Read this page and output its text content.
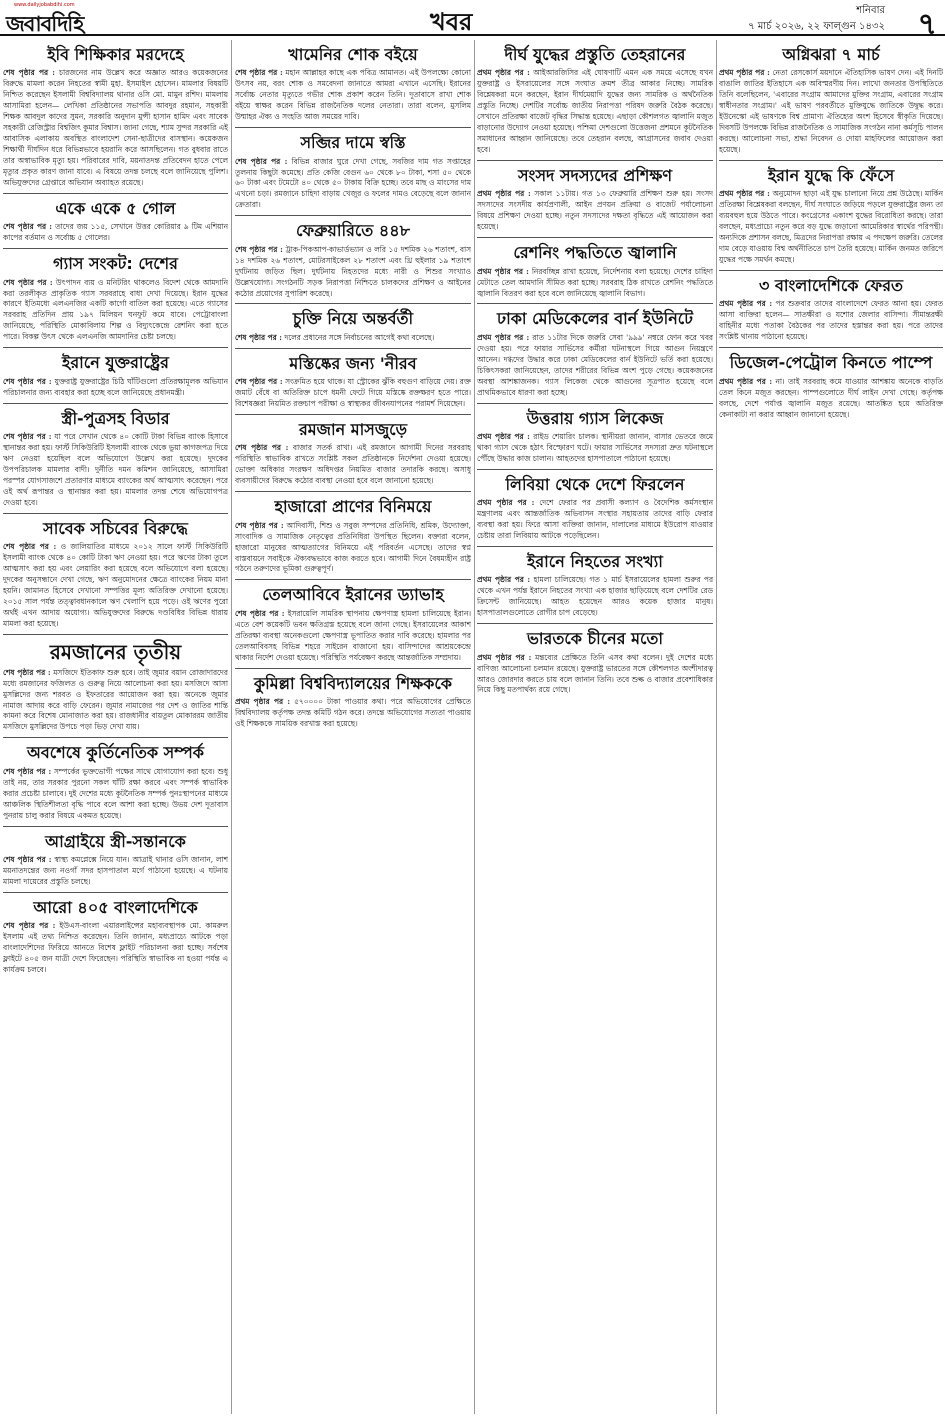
www.dailyjobabdihi.com
জবাবদিহি	খবর	শনিবার
৭ মার্চ ২০২৬, ২২ ফাল্গুন ১৪৩২ ৭
ইবি শিক্ষিকার মরদেহে
শেষ পৃষ্ঠার পর : চারজনের নাম উল্লেখ করে অজ্ঞাত আরও কয়েকজনের বিরুদ্ধে মামলা করেন নিহতের স্বামী মুহা. ইসমাইল হোসেন। মামলার বিষয়টি নিশ্চিত করেছেন ইসলামী বিশ্ববিদ্যালয় থানার ওসি মো. মামুন রশিদ। মামলায় আসামিরা হলেন— লেখিকা প্রতিষ্ঠানের সভাপতি আবদুর রহমান, সহকারী শিক্ষক আবদুল কাদের সুমন, সরকারি অনুদান মুন্সী হাসান হামিদ এবং সাবেক সহকারী রেজিস্ট্রার বিশ্বজিৎ কুমার বিশ্বাস। জানা গেছে, শ্যাম সুন্দর সরকারি এই আবাসিক এলাকায় অবস্থিত বাংলাদেশ সেনা-ছাত্রীদের বাসস্থান। কয়েকজন শিক্ষার্থী দীর্ঘদিন ধরে বিভিন্নভাবে হয়রানি করে আসছিলেন। গত বুধবার রাতে তার অস্বাভাবিক মৃত্যু হয়। পরিবারের দাবি, ময়নাতদন্ত প্রতিবেদন হাতে পেলে মৃত্যুর প্রকৃত কারণ জানা যাবে। এ বিষয়ে তদন্ত চলছে বলে জানিয়েছে পুলিশ। অভিযুক্তদের গ্রেপ্তারে অভিযান অব্যাহত রয়েছে।
একে একে ৫ গোল
শেষ পৃষ্ঠার পর : তাদের জয় ১১৫, সেখানে উত্তর কোরিয়ার ৯ টিম এশিয়ান কাপের বর্তমান ও সর্বোচ্চ ৫ গোলের।
গ্যাস সংকট: দেশের
শেষ পৃষ্ঠার পর : উৎপাদন ব্যয় ও মনিটরিং থাকলেও বিদেশ থেকে আমদানি করা তরলীকৃত প্রাকৃতিক গ্যাস সরবরাহে বাধা দেখা দিয়েছে। ইরান যুদ্ধের কারণে ইতিমধ্যে এলএনজির একটি কার্গো বাতিল করা হয়েছে। এতে গ্যাসের সরবরাহ প্রতিদিন প্রায় ১৯৭ মিলিয়ন ঘনফুট কমে যাবে। পেট্রোবাংলা জানিয়েছে, পরিস্থিতি মোকাবিলায় শিল্প ও বিদ্যুৎকেন্দ্রে রেশনিং করা হতে পারে। বিকল্প উৎস থেকে এলএনজি আমদানির চেষ্টা চলছে।
ইরানে যুক্তরাষ্ট্রের
শেষ পৃষ্ঠার পর : যুক্তরাষ্ট্র যুক্তরাষ্ট্রের চিঠি ঘাঁটিগুলো প্রতিরক্ষামূলক অভিযান পরিচালনার জন্য ব্যবহার করা হচ্ছে বলে জানিয়েছে প্রধানমন্ত্রী।
স্ত্রী-পুত্রসহ বিডার
শেষ পৃষ্ঠার পর : যা পরে সেখান থেকে ৪০ কোটি টাকা বিভিন্ন ব্যাংক হিসাবে স্থানান্তর করা হয়। ফার্স্ট সিকিউরিটি ইসলামী ব্যাংক থেকে ভুয়া কাগজপত্র দিয়ে ঋণ নেওয়া হয়েছিল বলে অভিযোগে উল্লেখ করা হয়েছে। দুদকের উপপরিচালক মামলার বাদী। দুর্নীতি দমন কমিশন জানিয়েছে, আসামিরা পরস্পর যোগসাজশে প্রতারণার মাধ্যমে ব্যাংকের অর্থ আত্মসাৎ করেছেন। পরে ওই অর্থ রূপান্তর ও স্থানান্তর করা হয়। মামলার তদন্ত শেষে অভিযোগপত্র দেওয়া হবে।
সাবেক সচিবের বিরুদ্ধে
শেষ পৃষ্ঠার পর : ও জালিয়াতির মাধ্যমে ২০১২ সালে ফার্স্ট সিকিউরিটি ইসলামী ব্যাংক থেকে ৪০ কোটি টাকা ঋণ নেওয়া হয়। পরে ঋণের টাকা তুলে আত্মসাৎ করা হয় এবং লেয়ারিং করা হয়েছে বলে অভিযোগে বলা হয়েছে। দুদকের অনুসন্ধানে দেখা গেছে, ঋণ অনুমোদনের ক্ষেত্রে ব্যাংকের নিয়ম মানা হয়নি। জামানত হিসেবে দেখানো সম্পত্তির মূল্য অতিরিক্ত দেখানো হয়েছে। ২০১৫ সাল পর্যন্ত তত্ত্বাবধানকালে ঋণ খেলাপি হয়ে পড়ে। ওই ঋণের পুরো অর্থই এখন আদায় অযোগ্য। অভিযুক্তদের বিরুদ্ধে দণ্ডবিধির বিভিন্ন ধারায় মামলা করা হয়েছে।
রমজানের তৃতীয়
শেষ পৃষ্ঠার পর : মসজিদে ইতিকাফ শুরু হবে। তাই জুমার বয়ান রোজাদারদের মধ্যে রমজানের ফজিলত ও গুরুত্ব নিয়ে আলোচনা করা হয়। মসজিদে আসা মুসল্লিদের জন্য শরবত ও ইফতারের আয়োজন করা হয়। অনেকে জুমার নামাজ আদায় করে বাড়ি ফেরেন। জুমার নামাজের পর দেশ ও জাতির শান্তি কামনা করে বিশেষ মোনাজাত করা হয়। রাজধানীর বায়তুল মোকাররম জাতীয় মসজিদে মুসল্লিদের উপচে পড়া ভিড় দেখা যায়।
অবশেষে কুর্তিনেতিক সম্পর্ক
শেষ পৃষ্ঠার পর : সম্পর্কের ভুক্তভোগী পক্ষের সাথে যোগাযোগ করা হবে। শুধু তাই নয়, তার সরকার পুরনো সকল ঘাঁটি রক্ষা করবে এবং সম্পর্ক স্বাভাবিক করার প্রচেষ্টা চালাবে। দুই দেশের মধ্যে কূটনৈতিক সম্পর্ক পুনঃস্থাপনের মাধ্যমে আঞ্চলিক স্থিতিশীলতা বৃদ্ধি পাবে বলে আশা করা হচ্ছে। উভয় দেশ দূতাবাস পুনরায় চালু করার বিষয়ে একমত হয়েছে।
আগ্রাইয়ে স্ত্রী-সন্তানকে
শেষ পৃষ্ঠার পর : স্বাস্থ্য কমপ্লেক্সে নিয়ে যান। আত্রাই থানার ওসি জানান, লাশ ময়নাতদন্তের জন্য নওগাঁ সদর হাসপাতাল মর্গে পাঠানো হয়েছে। এ ঘটনায় মামলা দায়েরের প্রস্তুতি চলছে।
আরো ৪০৫ বাংলাদেশিকে
শেষ পৃষ্ঠার পর : ইউএস-বাংলা এয়ারলাইন্সের মহাব্যবস্থাপক মো. কামরুল ইসলাম এই তথ্য নিশ্চিত করেছেন। তিনি জানান, মধ্যপ্রাচ্যে আটকে পড়া বাংলাদেশিদের ফিরিয়ে আনতে বিশেষ ফ্লাইট পরিচালনা করা হচ্ছে। সর্বশেষ ফ্লাইটে ৪০৫ জন যাত্রী দেশে ফিরেছেন। পরিস্থিতি স্বাভাবিক না হওয়া পর্যন্ত এ কার্যক্রম চলবে।
খামেনির শোক বইয়ে
শেষ পৃষ্ঠার পর : মহান আল্লাহর কাছে এক পবিত্র আমানত। এই উপলক্ষ্যে কোনো উৎসব নয়, বরং শোক ও সমবেদনা জানাতে আমরা এখানে এসেছি। ইরানের সর্বোচ্চ নেতার মৃত্যুতে গভীর শোক প্রকাশ করেন তিনি। দূতাবাসে রাখা শোক বইয়ে স্বাক্ষর করেন বিভিন্ন রাজনৈতিক দলের নেতারা। তারা বলেন, মুসলিম উম্মাহর ঐক্য ও সংহতি আজ সময়ের দাবি।
সব্জির দামে স্বস্তি
শেষ পৃষ্ঠার পর : বিভিন্ন বাজার ঘুরে দেখা গেছে, সবজির দাম গত সপ্তাহের তুলনায় কিছুটা কমেছে। প্রতি কেজি বেগুন ৬০ থেকে ৮০ টাকা, শসা ৫০ থেকে ৬০ টাকা এবং টমেটো ৪০ থেকে ৫০ টাকায় বিক্রি হচ্ছে। তবে মাছ ও মাংসের দাম এখনো চড়া। রমজানে চাহিদা বাড়ায় খেজুর ও ফলের দামও বেড়েছে বলে জানান ক্রেতারা।
ফেব্রুয়ারিতে ৪৪৮
শেষ পৃষ্ঠার পর : ট্রাক-পিকআপ-কাভার্ডভ্যান ও লরি ১৫ দশমিক ২৬ শতাংশ, বাস ১৪ দশমিক ২৬ শতাংশ, মোটরসাইকেল ২৮ শতাংশ এবং থ্রি হুইলার ১৯ শতাংশ দুর্ঘটনায় জড়িত ছিল। দুর্ঘটনায় নিহতদের মধ্যে নারী ও শিশুর সংখ্যাও উল্লেখযোগ্য। সংগঠনটি সড়ক নিরাপত্তা নিশ্চিতে চালকদের প্রশিক্ষণ ও আইনের কঠোর প্রয়োগের সুপারিশ করেছে।
চুক্তি নিয়ে অন্তর্বর্তী
শেষ পৃষ্ঠার পর : দলের প্রধানের সঙ্গে নির্বাচনের আগেই কথা বলেছে।
মস্তিষ্কের জন্য 'নীরব
শেষ পৃষ্ঠার পর : সংক্রমিত হয়ে থাকে। যা স্ট্রোকের ঝুঁকি বহুগুণ বাড়িয়ে দেয়। রক্ত জমাট বেঁধে বা অতিরিক্ত চাপে ধমনী ফেটে গিয়ে মস্তিষ্কে রক্তক্ষরণ হতে পারে। বিশেষজ্ঞরা নিয়মিত রক্তচাপ পরীক্ষা ও স্বাস্থ্যকর জীবনযাপনের পরামর্শ দিয়েছেন।
রমজান মাসজুড়ে
শেষ পৃষ্ঠার পর : বাজার সতর্ক রাখা। এই রমজানে আগামী দিনের সরবরাহ পরিস্থিতি স্বাভাবিক রাখতে সংশ্লিষ্ট সকল প্রতিষ্ঠানকে নির্দেশনা দেওয়া হয়েছে। ভোক্তা অধিকার সংরক্ষণ অধিদপ্তর নিয়মিত বাজার তদারকি করছে। অসাধু ব্যবসায়ীদের বিরুদ্ধে কঠোর ব্যবস্থা নেওয়া হবে বলে জানানো হয়েছে।
হাজারো প্রাণের বিনিময়ে
শেষ পৃষ্ঠার পর : আদিবাসী, শিশু ও সবুজ সম্পদের প্রতিনিধি, শ্রমিক, উদ্যোক্তা, সাংবাদিক ও সামাজিক নেতৃত্বের প্রতিনিধিরা উপস্থিত ছিলেন। বক্তারা বলেন, হাজারো মানুষের আত্মত্যাগের বিনিময়ে এই পরিবর্তন এসেছে। তাদের স্বপ্ন বাস্তবায়নে সবাইকে ঐক্যবদ্ধভাবে কাজ করতে হবে। আগামী দিনে বৈষম্যহীন রাষ্ট্র গঠনে তরুণদের ভূমিকা গুরুত্বপূর্ণ।
তেলআবিবে ইরানের ড্যাভাহ
শেষ পৃষ্ঠার পর : ইসরায়েলি সামরিক স্থাপনায় ক্ষেপণাস্ত্র হামলা চালিয়েছে ইরান। এতে বেশ কয়েকটি ভবন ক্ষতিগ্রস্ত হয়েছে বলে জানা গেছে। ইসরায়েলের আকাশ প্রতিরক্ষা ব্যবস্থা অনেকগুলো ক্ষেপণাস্ত্র ভূপাতিত করার দাবি করেছে। হামলার পর তেলআবিবসহ বিভিন্ন শহরে সাইরেন বাজানো হয়। বাসিন্দাদের আশ্রয়কেন্দ্রে থাকার নির্দেশ দেওয়া হয়েছে। পরিস্থিতি পর্যবেক্ষণ করছে আন্তর্জাতিক সম্প্রদায়।
কুমিল্লা বিশ্ববিদ্যালয়ের শিক্ষককে
প্রথম পৃষ্ঠার পর : ৫৭০০০০ টাকা পাওয়ার কথা। পরে অভিযোগের প্রেক্ষিতে বিশ্ববিদ্যালয় কর্তৃপক্ষ তদন্ত কমিটি গঠন করে। তদন্তে অভিযোগের সত্যতা পাওয়ায় ওই শিক্ষককে সাময়িক বরখাস্ত করা হয়েছে।
দীর্ঘ যুদ্ধের প্রস্তুতি তেহরানের
প্রথম পৃষ্ঠার পর : আইআরজিসির এই ঘোষণাটি এমন এক সময়ে এসেছে যখন যুক্তরাষ্ট্র ও ইসরায়েলের সঙ্গে সংঘাত ক্রমশ তীব্র আকার নিচ্ছে। সামরিক বিশ্লেষকরা মনে করছেন, ইরান দীর্ঘমেয়াদি যুদ্ধের জন্য সামরিক ও অর্থনৈতিক প্রস্তুতি নিচ্ছে। দেশটির সর্বোচ্চ জাতীয় নিরাপত্তা পরিষদ জরুরি বৈঠক করেছে। সেখানে প্রতিরক্ষা বাজেট বৃদ্ধির সিদ্ধান্ত হয়েছে। এছাড়া কৌশলগত জ্বালানি মজুত বাড়ানোর উদ্যোগ নেওয়া হয়েছে। পশ্চিমা দেশগুলো উত্তেজনা প্রশমনে কূটনৈতিক সমাধানের আহ্বান জানিয়েছে। তবে তেহরান বলছে, আগ্রাসনের জবাব দেওয়া হবে।
সংসদ সদস্যদের প্রশিক্ষণ
প্রথম পৃষ্ঠার পর : সকাল ১১টায়। গত ১৩ ফেব্রুয়ারি প্রশিক্ষণ শুরু হয়। সংসদ সদস্যদের সংসদীয় কার্যপ্রণালী, আইন প্রণয়ন প্রক্রিয়া ও বাজেট পর্যালোচনা বিষয়ে প্রশিক্ষণ দেওয়া হচ্ছে। নতুন সদস্যদের দক্ষতা বৃদ্ধিতে এই আয়োজন করা হয়েছে।
রেশনিং পদ্ধতিতে জ্বালানি
প্রথম পৃষ্ঠার পর : নিরবচ্ছিন্ন রাখা হয়েছে, নির্দেশনায় বলা হয়েছে। দেশের চাহিদা মেটাতে তেল আমদানি সীমিত করা হচ্ছে। সরবরাহ ঠিক রাখতে রেশনিং পদ্ধতিতে জ্বালানি বিতরণ করা হবে বলে জানিয়েছে জ্বালানি বিভাগ।
ঢাকা মেডিকেলের বার্ন ইউনিটে
প্রথম পৃষ্ঠার পর : রাত ১১টার দিকে জরুরি সেবা '৯৯৯' নম্বরে ফোন করে খবর দেওয়া হয়। পরে ফায়ার সার্ভিসের কর্মীরা ঘটনাস্থলে গিয়ে আগুন নিয়ন্ত্রণে আনেন। দগ্ধদের উদ্ধার করে ঢাকা মেডিকেলের বার্ন ইউনিটে ভর্তি করা হয়েছে। চিকিৎসকরা জানিয়েছেন, তাদের শরীরের বিভিন্ন অংশ পুড়ে গেছে। কয়েকজনের অবস্থা আশঙ্কাজনক। গ্যাস লিকেজ থেকে আগুনের সূত্রপাত হয়েছে বলে প্রাথমিকভাবে ধারণা করা হচ্ছে।
উত্তরায় গ্যাস লিকেজ
প্রথম পৃষ্ঠার পর : রাইড শেয়ারিং চালক। স্থানীয়রা জানান, বাসার ভেতরে জমে থাকা গ্যাস থেকে হঠাৎ বিস্ফোরণ ঘটে। ফায়ার সার্ভিসের সদস্যরা দ্রুত ঘটনাস্থলে পৌঁছে উদ্ধার কাজ চালান। আহতদের হাসপাতালে পাঠানো হয়েছে।
লিবিয়া থেকে দেশে ফিরলেন
প্রথম পৃষ্ঠার পর : দেশে ফেরার পর প্রবাসী কল্যাণ ও বৈদেশিক কর্মসংস্থান মন্ত্রণালয় এবং আন্তর্জাতিক অভিবাসন সংস্থার সহায়তায় তাদের বাড়ি ফেরার ব্যবস্থা করা হয়। ফিরে আসা ব্যক্তিরা জানান, দালালের মাধ্যমে ইউরোপ যাওয়ার চেষ্টায় তারা লিবিয়ায় আটকে পড়েছিলেন।
ইরানে নিহতের সংখ্যা
প্রথম পৃষ্ঠার পর : হামলা চালিয়েছে। গত ১ মার্চ ইসরায়েলের হামলা শুরুর পর থেকে এখন পর্যন্ত ইরানে নিহতের সংখ্যা এক হাজার ছাড়িয়েছে বলে দেশটির রেড ক্রিসেন্ট জানিয়েছে। আহত হয়েছেন আরও কয়েক হাজার মানুষ। হাসপাতালগুলোতে রোগীর চাপ বেড়েছে।
ভারতকে চীনের মতো
প্রথম পৃষ্ঠার পর : মন্তব্যের প্রেক্ষিতে তিনি এসব কথা বলেন। দুই দেশের মধ্যে বাণিজ্য আলোচনা চলমান রয়েছে। যুক্তরাষ্ট্র ভারতের সঙ্গে কৌশলগত অংশীদারত্ব আরও জোরদার করতে চায় বলে জানান তিনি। তবে শুল্ক ও বাজার প্রবেশাধিকার নিয়ে কিছু মতপার্থক্য রয়ে গেছে।
অগ্নিঝরা ৭ মার্চ
প্রথম পৃষ্ঠার পর : নেতা রেসকোর্স ময়দানে ঐতিহাসিক ভাষণ দেন। এই দিনটি বাঙালি জাতির ইতিহাসে এক অবিস্মরণীয় দিন। লাখো জনতার উপস্থিতিতে তিনি বলেছিলেন, 'এবারের সংগ্রাম আমাদের মুক্তির সংগ্রাম, এবারের সংগ্রাম স্বাধীনতার সংগ্রাম।' এই ভাষণ পরবর্তীতে মুক্তিযুদ্ধে জাতিকে উদ্বুদ্ধ করে। ইউনেস্কো এই ভাষণকে বিশ্ব প্রামাণ্য ঐতিহ্যের অংশ হিসেবে স্বীকৃতি দিয়েছে। দিবসটি উপলক্ষে বিভিন্ন রাজনৈতিক ও সামাজিক সংগঠন নানা কর্মসূচি পালন করছে। আলোচনা সভা, শ্রদ্ধা নিবেদন ও দোয়া মাহফিলের আয়োজন করা হয়েছে।
ইরান যুদ্ধে কি ফেঁসে
প্রথম পৃষ্ঠার পর : অনুমোদন ছাড়া এই যুদ্ধ চালানো নিয়ে প্রশ্ন উঠেছে। মার্কিন প্রতিরক্ষা বিশ্লেষকরা বলছেন, দীর্ঘ সংঘাতে জড়িয়ে পড়লে যুক্তরাষ্ট্রের জন্য তা ব্যয়বহুল হয়ে উঠতে পারে। কংগ্রেসের একাংশ যুদ্ধের বিরোধিতা করছে। তারা বলছেন, মধ্যপ্রাচ্যে নতুন করে বড় যুদ্ধে জড়ানো আমেরিকার স্বার্থের পরিপন্থী। অন্যদিকে প্রশাসন বলছে, মিত্রদের নিরাপত্তা রক্ষায় এ পদক্ষেপ জরুরি। তেলের দাম বেড়ে যাওয়ায় বিশ্ব অর্থনীতিতে চাপ তৈরি হয়েছে। মার্কিন জনমত জরিপে যুদ্ধের পক্ষে সমর্থন কমছে।
৩ বাংলাদেশিকে ফেরত
প্রথম পৃষ্ঠার পর : পর শুক্রবার তাদের বাংলাদেশে ফেরত আনা হয়। ফেরত আসা ব্যক্তিরা হলেন— সাতক্ষীরা ও যশোর জেলার বাসিন্দা। সীমান্তরক্ষী বাহিনীর মধ্যে পতাকা বৈঠকের পর তাদের হস্তান্তর করা হয়। পরে তাদের সংশ্লিষ্ট থানায় পাঠানো হয়েছে।
ডিজেল-পেট্রোল কিনতে পাম্পে
প্রথম পৃষ্ঠার পর : না। তাই সরবরাহ কমে যাওয়ার আশঙ্কায় অনেকে বাড়তি তেল কিনে মজুত করছেন। পাম্পগুলোতে দীর্ঘ লাইন দেখা গেছে। কর্তৃপক্ষ বলছে, দেশে পর্যাপ্ত জ্বালানি মজুত রয়েছে। আতঙ্কিত হয়ে অতিরিক্ত কেনাকাটা না করার আহ্বান জানানো হয়েছে।
